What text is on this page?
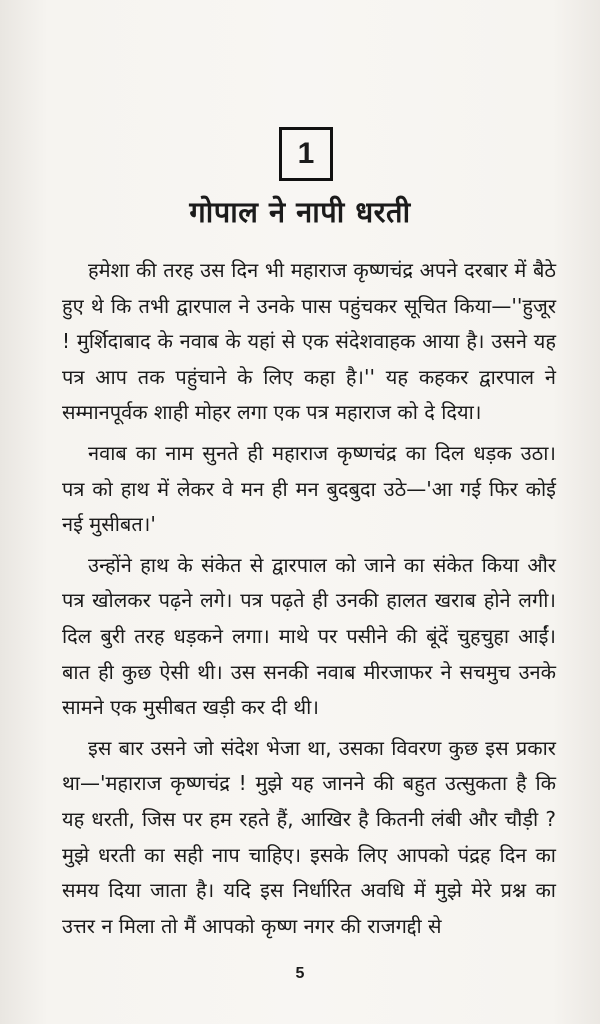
1
गोपाल ने नापी धरती

हमेशा की तरह उस दिन भी महाराज कृष्णचंद्र अपने दरबार में बैठे हुए थे कि तभी द्वारपाल ने उनके पास पहुंचकर सूचित किया—''हुजूर ! मुर्शिदाबाद के नवाब के यहां से एक संदेशवाहक आया है। उसने यह पत्र आप तक पहुंचाने के लिए कहा है।'' यह कहकर द्वारपाल ने सम्मानपूर्वक शाही मोहर लगा एक पत्र महाराज को दे दिया।

नवाब का नाम सुनते ही महाराज कृष्णचंद्र का दिल धड़क उठा। पत्र को हाथ में लेकर वे मन ही मन बुदबुदा उठे—'आ गई फिर कोई नई मुसीबत।'

उन्होंने हाथ के संकेत से द्वारपाल को जाने का संकेत किया और पत्र खोलकर पढ़ने लगे। पत्र पढ़ते ही उनकी हालत खराब होने लगी। दिल बुरी तरह धड़कने लगा। माथे पर पसीने की बूंदें चुहचुहा आईं। बात ही कुछ ऐसी थी। उस सनकी नवाब मीरजाफर ने सचमुच उनके सामने एक मुसीबत खड़ी कर दी थी।

इस बार उसने जो संदेश भेजा था, उसका विवरण कुछ इस प्रकार था—'महाराज कृष्णचंद्र ! मुझे यह जानने की बहुत उत्सुकता है कि यह धरती, जिस पर हम रहते हैं, आखिर है कितनी लंबी और चौड़ी ? मुझे धरती का सही नाप चाहिए। इसके लिए आपको पंद्रह दिन का समय दिया जाता है। यदि इस निर्धारित अवधि में मुझे मेरे प्रश्न का उत्तर न मिला तो मैं आपको कृष्ण नगर की राजगद्दी से

5
